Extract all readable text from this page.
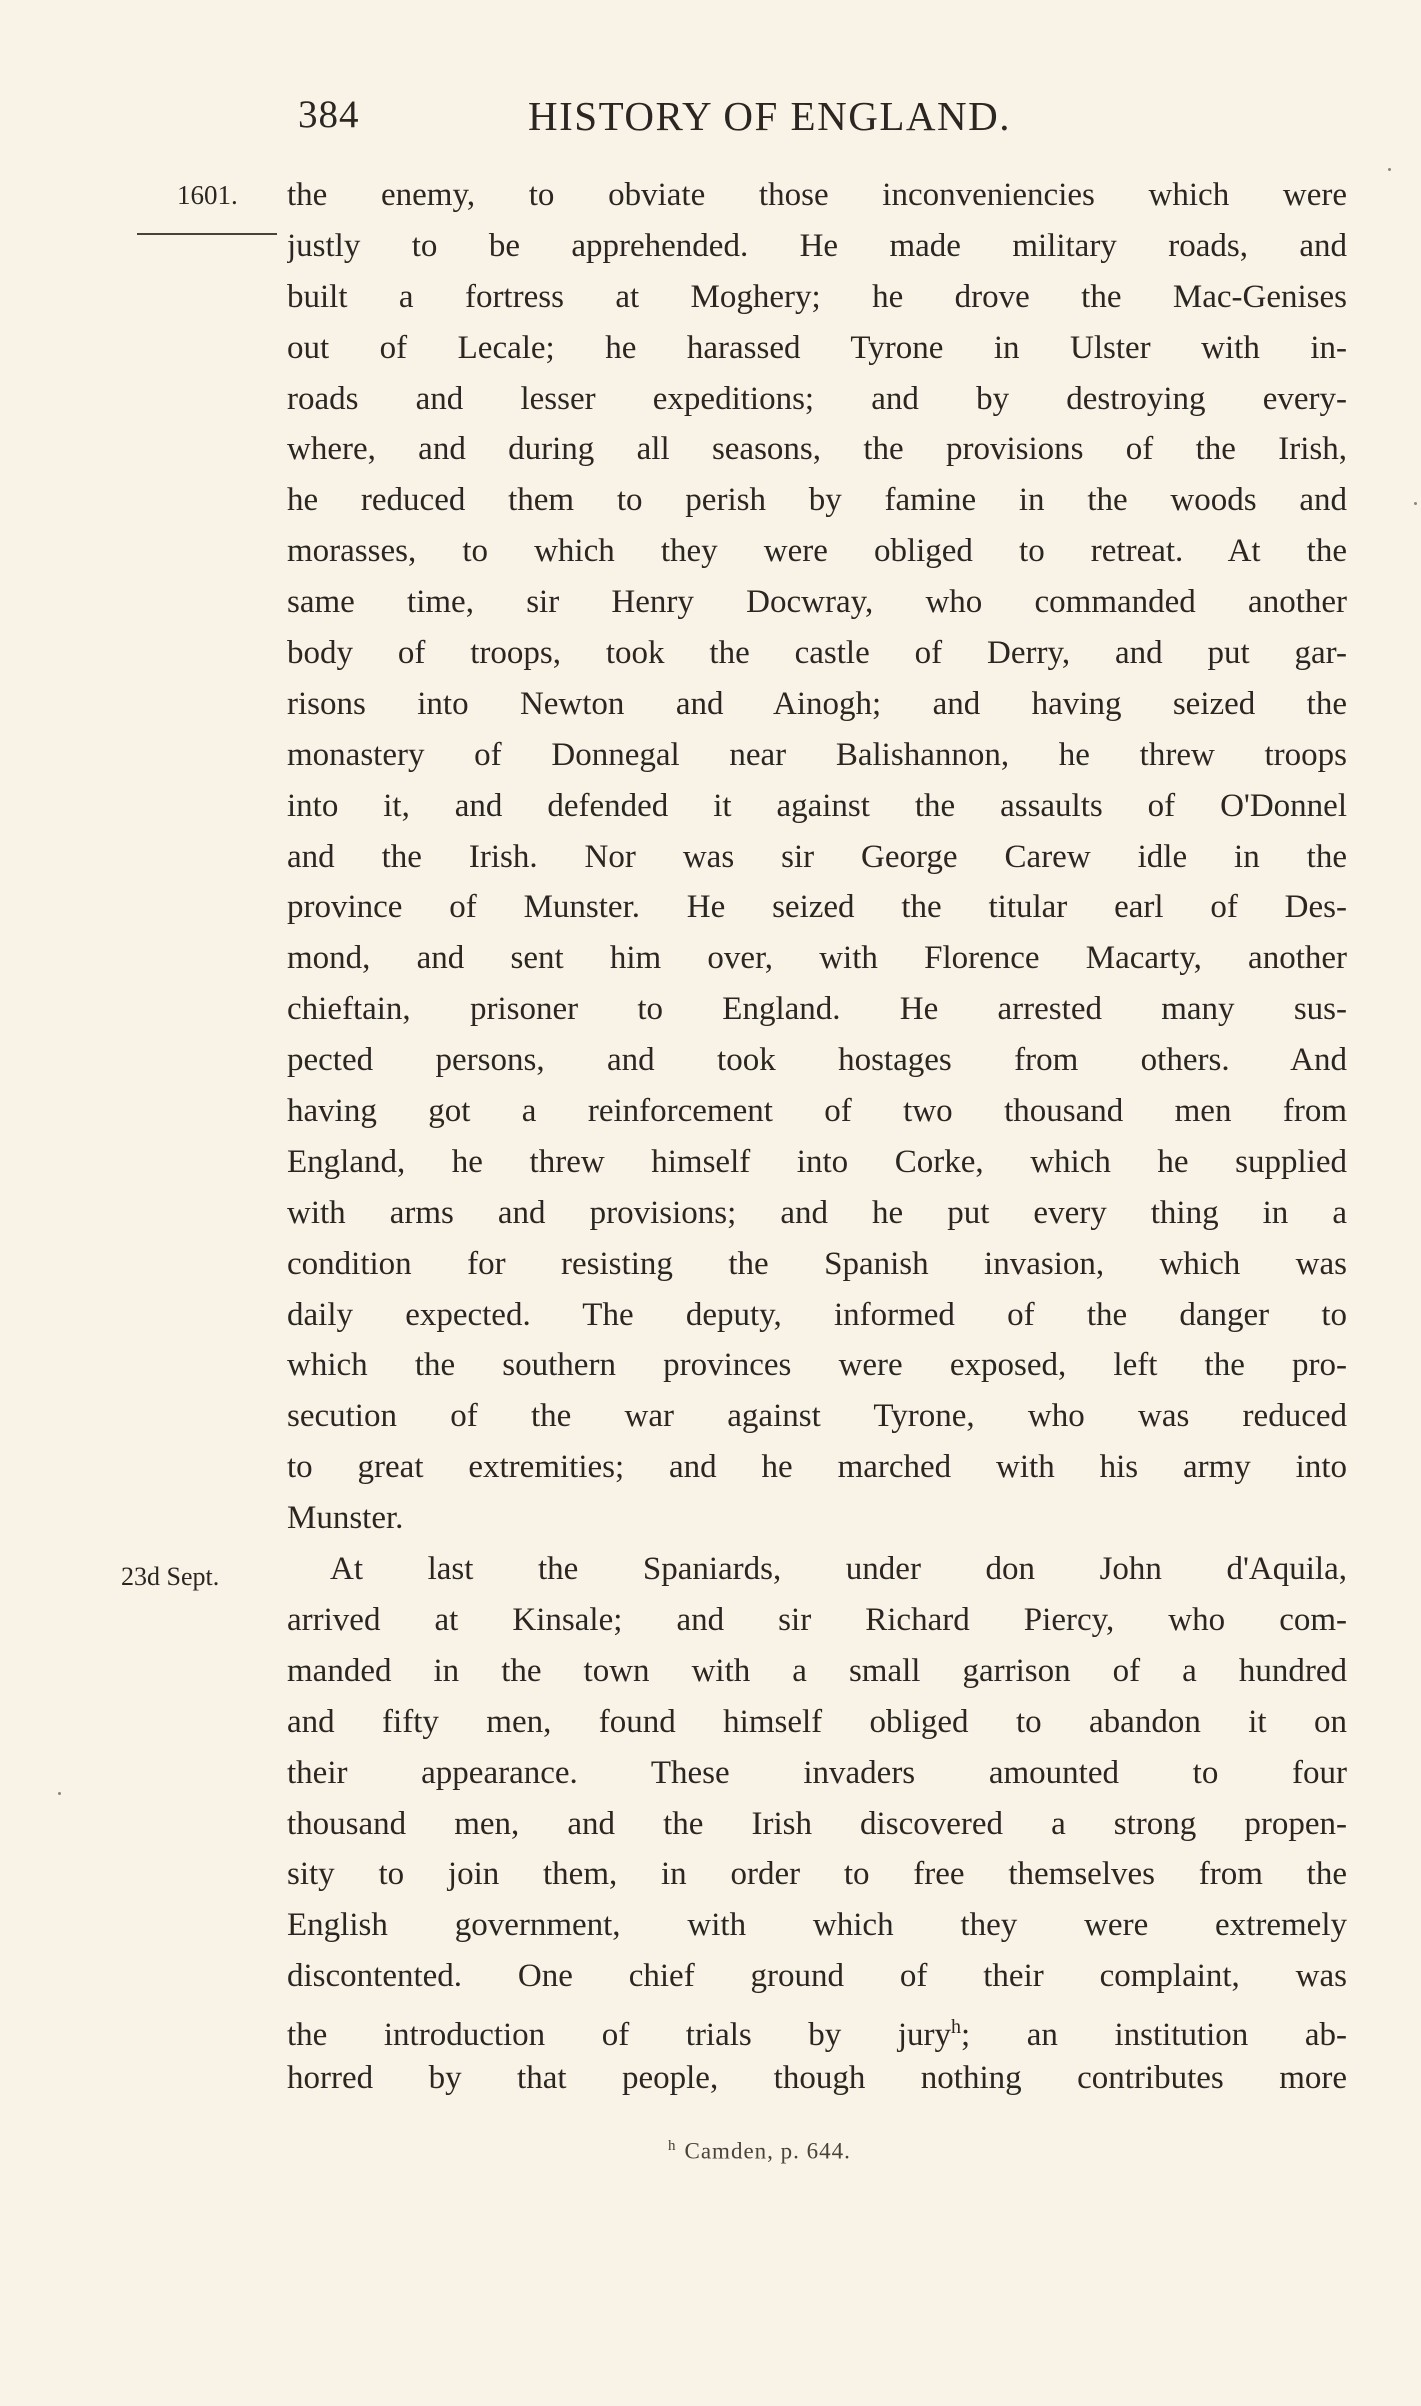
384	HISTORY OF ENGLAND.
1601.
23d Sept.
the enemy, to obviate those inconveniencies which were
justly to be apprehended. He made military roads, and
built a fortress at Moghery; he drove the Mac-Genises
out of Lecale; he harassed Tyrone in Ulster with in-
roads and lesser expeditions; and by destroying every-
where, and during all seasons, the provisions of the Irish,
he reduced them to perish by famine in the woods and
morasses, to which they were obliged to retreat. At the
same time, sir Henry Docwray, who commanded another
body of troops, took the castle of Derry, and put gar-
risons into Newton and Ainogh; and having seized the
monastery of Donnegal near Balishannon, he threw troops
into it, and defended it against the assaults of O'Donnel
and the Irish. Nor was sir George Carew idle in the
province of Munster. He seized the titular earl of Des-
mond, and sent him over, with Florence Macarty, another
chieftain, prisoner to England. He arrested many sus-
pected persons, and took hostages from others. And
having got a reinforcement of two thousand men from
England, he threw himself into Corke, which he supplied
with arms and provisions; and he put every thing in a
condition for resisting the Spanish invasion, which was
daily expected. The deputy, informed of the danger to
which the southern provinces were exposed, left the pro-
secution of the war against Tyrone, who was reduced
to great extremities; and he marched with his army into
Munster.
At last the Spaniards, under don John d'Aquila,
arrived at Kinsale; and sir Richard Piercy, who com-
manded in the town with a small garrison of a hundred
and fifty men, found himself obliged to abandon it on
their appearance. These invaders amounted to four
thousand men, and the Irish discovered a strong propen-
sity to join them, in order to free themselves from the
English government, with which they were extremely
discontented. One chief ground of their complaint, was
the introduction of trials by jury$^h$; an institution ab-
horred by that people, though nothing contributes more
$^h$ Camden, p. 644.
